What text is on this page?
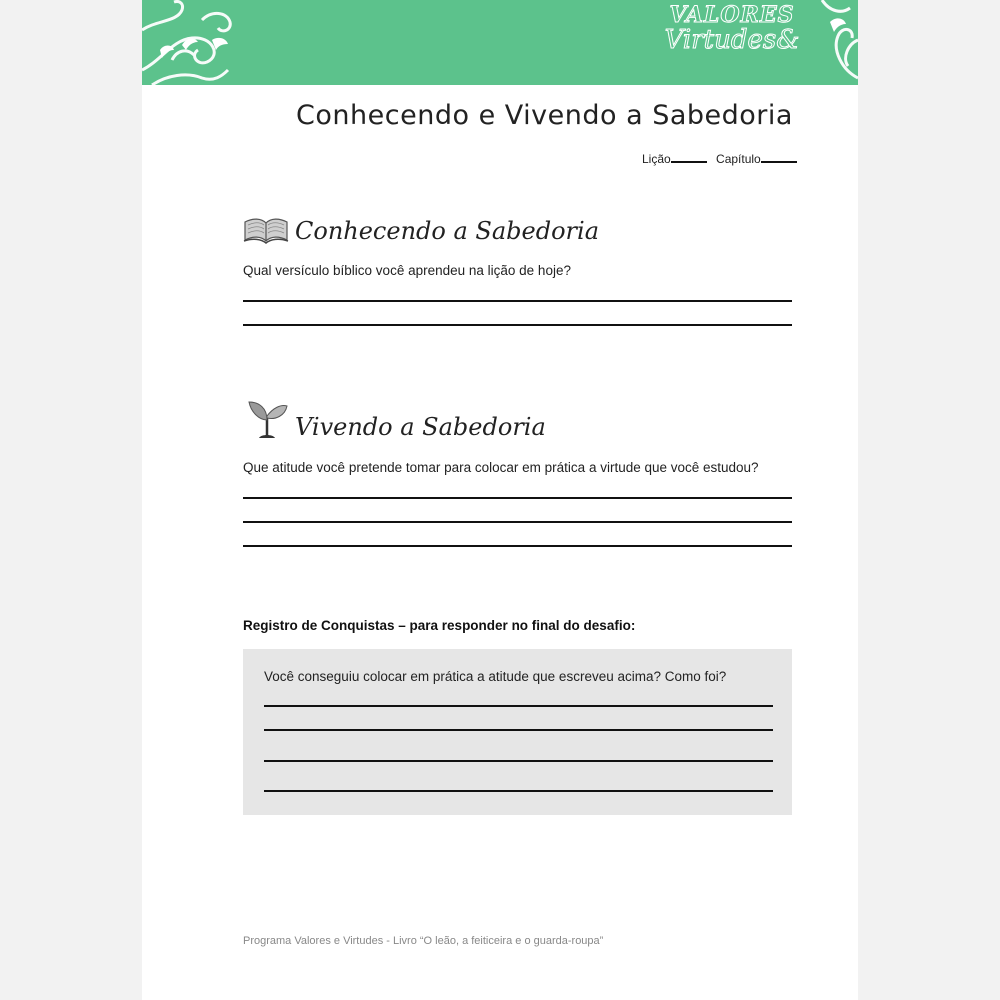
VALORES
Virtudes&
Conhecendo e Vivendo a Sabedoria
Lição	Capítulo
Conhecendo a Sabedoria
Qual versículo bíblico você aprendeu na lição de hoje?
Vivendo a Sabedoria
Que atitude você pretende tomar para colocar em prática a virtude que você estudou?
Registro de Conquistas – para responder no final do desafio:
Você conseguiu colocar em prática a atitude que escreveu acima? Como foi?
Programa Valores e Virtudes - Livro “O leão, a feiticeira e o guarda-roupa”
